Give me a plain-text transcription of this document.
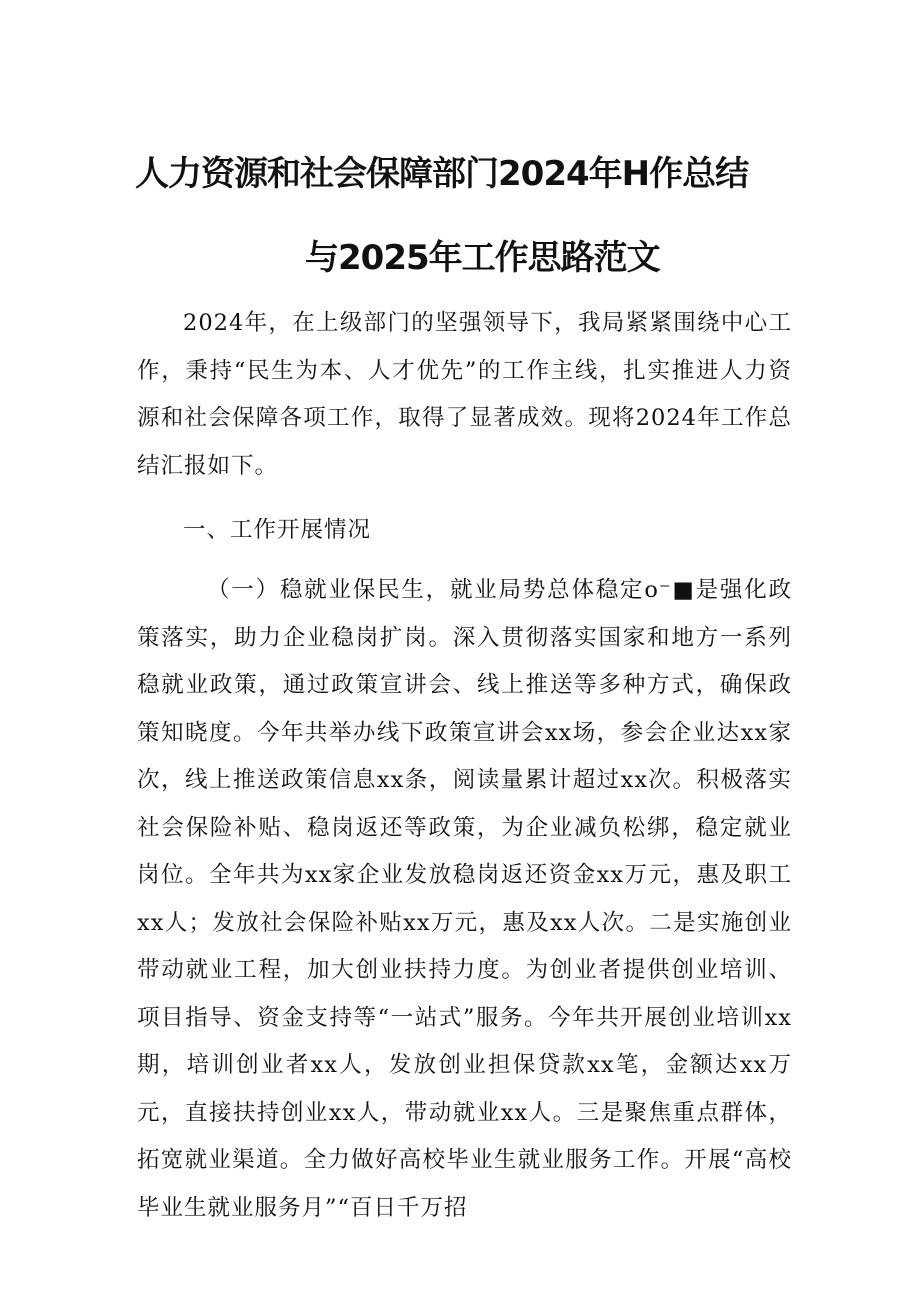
人力资源和社会保障部门2024年H作总结
与2025年工作思路范文
2024年，在上级部门的坚强领导下，我局紧紧围绕中心工作，秉持“民生为本、人才优先”的工作主线，扎实推进人力资源和社会保障各项工作，取得了显著成效。现将2024年工作总结汇报如下。
一、工作开展情况
（一）稳就业保民生，就业局势总体稳定o⁻■是强化政策落实，助力企业稳岗扩岗。深入贯彻落实国家和地方一系列稳就业政策，通过政策宣讲会、线上推送等多种方式，确保政策知晓度。今年共举办线下政策宣讲会xx场，参会企业达xx家次，线上推送政策信息xx条，阅读量累计超过xx次。积极落实社会保险补贴、稳岗返还等政策，为企业减负松绑，稳定就业岗位。全年共为xx家企业发放稳岗返还资金xx万元，惠及职工xx人；发放社会保险补贴xx万元，惠及xx人次。二是实施创业带动就业工程，加大创业扶持力度。为创业者提供创业培训、项目指导、资金支持等“一站式”服务。今年共开展创业培训xx期，培训创业者xx人，发放创业担保贷款xx笔，金额达xx万元，直接扶持创业xx人，带动就业xx人。三是聚焦重点群体，拓宽就业渠道。全力做好高校毕业生就业服务工作。开展“高校毕业生就业服务月”“百日千万招
